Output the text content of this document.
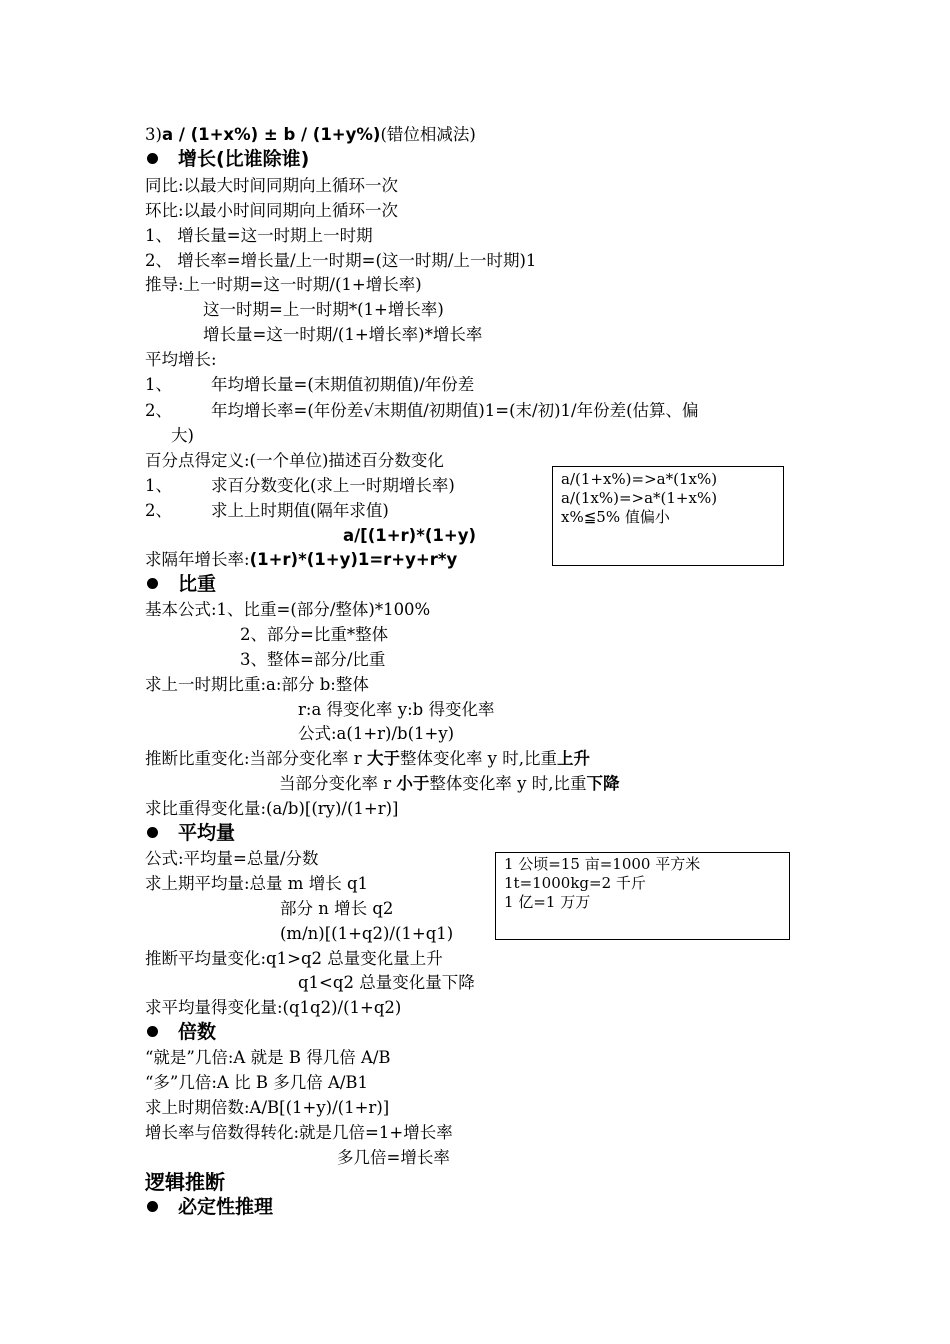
3)a / (1+x%) ± b / (1+y%)(错位相减法)
增长(比谁除谁)
同比:以最大时间同期向上循环一次
环比:以最小时间同期向上循环一次
1、 增长量=这一时期上一时期
2、 增长率=增长量/上一时期=(这一时期/上一时期)1
推导:上一时期=这一时期/(1+增长率)
这一时期=上一时期*(1+增长率)
增长量=这一时期/(1+增长率)*增长率
平均增长:
1、 年均增长量=(末期值初期值)/年份差
2、 年均增长率=(年份差√末期值/初期值)1=(末/初)1/年份差(估算、偏
大)
百分点得定义:(一个单位)描述百分数变化
1、 求百分数变化(求上一时期增长率)
2、 求上上时期值(隔年求值)
a/[(1+r)*(1+y)
求隔年增长率:(1+r)*(1+y)1=r+y+r*y
a/(1+x%)=>a*(1x%)
a/(1x%)=>a*(1+x%)
x%≦5% 值偏小
比重
基本公式:1、比重=(部分/整体)*100%
2、部分=比重*整体
3、整体=部分/比重
求上一时期比重:a:部分 b:整体
r:a 得变化率 y:b 得变化率
公式:a(1+r)/b(1+y)
推断比重变化:当部分变化率 r 大于整体变化率 y 时,比重上升
当部分变化率 r 小于整体变化率 y 时,比重下降
求比重得变化量:(a/b)[(ry)/(1+r)]
平均量
公式:平均量=总量/分数
求上期平均量:总量 m 增长 q1
部分 n 增长 q2
(m/n)[(1+q2)/(1+q1)
推断平均量变化:q1>q2 总量变化量上升
q1<q2 总量变化量下降
求平均量得变化量:(q1q2)/(1+q2)
1 公顷=15 亩=1000 平方米
1t=1000kg=2 千斤
1 亿=1 万万
倍数
“就是”几倍:A 就是 B 得几倍 A/B
“多”几倍:A 比 B 多几倍 A/B1
求上时期倍数:A/B[(1+y)/(1+r)]
增长率与倍数得转化:就是几倍=1+增长率
多几倍=增长率
逻辑推断
必定性推理
